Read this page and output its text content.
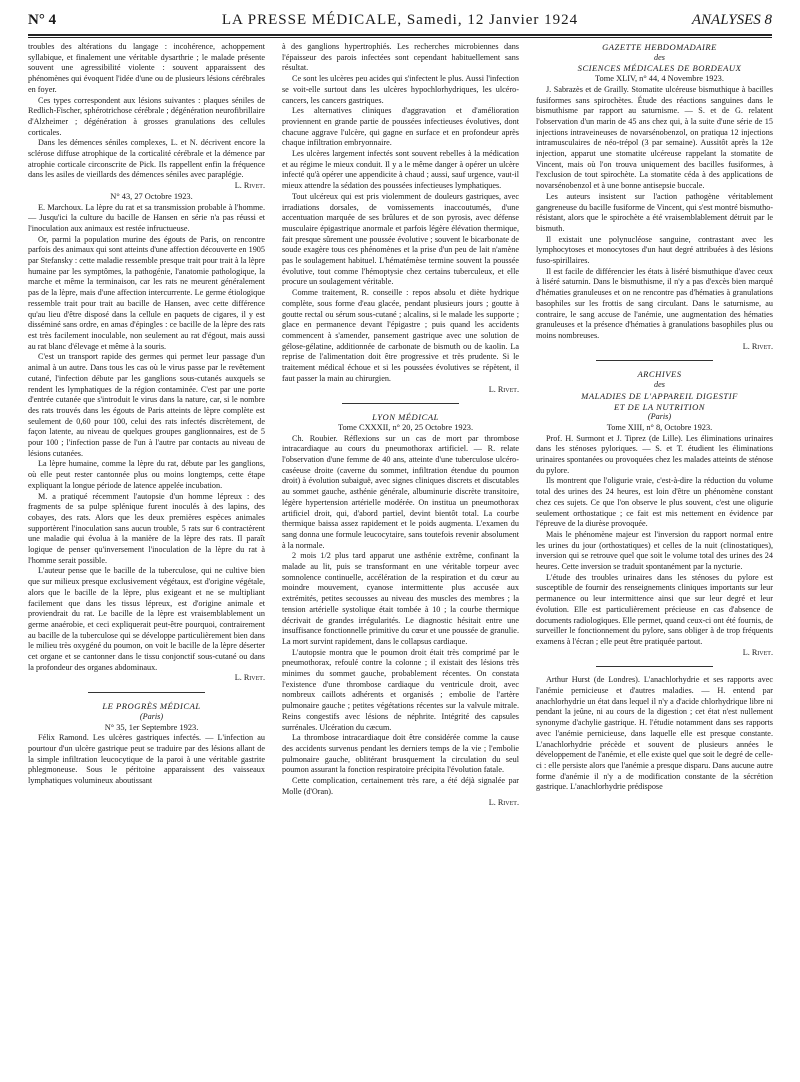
N° 4	LA PRESSE MÉDICALE, Samedi, 12 Janvier 1924	ANALYSES 8

troubles des altérations du langage : incohérence, achoppement syllabique, et finalement une véritable dysarthrie ; le malade présente souvent une agressibilité violente : souvent apparaissent des phénomènes qui évoquent l'idée d'une ou de plusieurs lésions cérébrales en foyer.

Ces types correspondent aux lésions suivantes : plaques séniles de Redlich-Fischer, sphérotrichose cérébrale ; dégénération neurofibrillaire d'Alzheimer ; dégénération à grosses granulations des cellules corticales.

Dans les démences séniles complexes, L. et N. décrivent encore la sclérose diffuse atrophique de la corticalité cérébrale et la démence par atrophie corticale circonscrite de Pick. Ils rappellent enfin la fréquence dans les asiles de vieillards des démences séniles avec paraplégie.

L. Rivet.

N° 43, 27 Octobre 1923.

E. Marchoux. La lèpre du rat et sa transmission probable à l'homme. — Jusqu'ici la culture du bacille de Hansen en série n'a pas réussi et l'inoculation aux animaux est restée infructueuse.

Or, parmi la population murine des égouts de Paris, on rencontre parfois des animaux qui sont atteints d'une affection découverte en 1905 par Stefansky : cette maladie ressemble presque trait pour trait à la lèpre humaine par les symptômes, la pathogénie, l'anatomie pathologique, la marche et même la terminaison, car les rats ne meurent généralement pas de la lèpre, mais d'une affection intercurrente. Le germe étiologique ressemble trait pour trait au bacille de Hansen, avec cette différence qu'au lieu d'être disposé dans la cellule en paquets de cigares, il y est disséminé sans ordre, en amas d'épingles : ce bacille de la lèpre des rats est très facilement inoculable, non seulement au rat d'égout, mais aussi au rat blanc d'élevage et même à la souris.

C'est un transport rapide des germes qui permet leur passage d'un animal à un autre. Dans tous les cas où le virus passe par le revêtement cutané, l'infection débute par les ganglions sous-cutanés auxquels se rendent les lymphatiques de la région contaminée. C'est par une porte d'entrée cutanée que s'introduit le virus dans la nature, car, si le nombre des rats trouvés dans les égouts de Paris atteints de lèpre complète est seulement de 0,60 pour 100, celui des rats infectés discrètement, de façon latente, au niveau de quelques groupes ganglionnaires, est de 5 pour 100 ; l'infection passe de l'un à l'autre par contacts au niveau de lésions cutanées.

La lèpre humaine, comme la lèpre du rat, débute par les ganglions, où elle peut rester cantonnée plus ou moins longtemps, cette étape expliquant la longue période de latence appelée incubation.

M. a pratiqué récemment l'autopsie d'un homme lépreux : des fragments de sa pulpe splénique furent inoculés à des lapins, des cobayes, des rats. Alors que les deux premières espèces animales supportèrent l'inoculation sans aucun trouble, 5 rats sur 6 contractèrent une maladie qui évolua à la manière de la lèpre des rats. Il paraît logique de penser qu'inversement l'inoculation de la lèpre du rat à l'homme serait possible.

L'auteur pense que le bacille de la tuberculose, qui ne cultive bien que sur milieux presque exclusivement végétaux, est d'origine végétale, alors que le bacille de la lèpre, plus exigeant et ne se multipliant facilement que dans les tissus lépreux, est d'origine animale et proviendrait du rat. Le bacille de la lèpre est vraisemblablement un germe anaérobie, et ceci expliquerait peut-être pourquoi, contrairement au bacille de la tuberculose qui se développe particulièrement bien dans le milieu très oxygéné du poumon, on voit le bacille de la lèpre déserter cet organe et se cantonner dans le tissu conjonctif sous-cutané ou dans la profondeur des organes abdominaux.

L. Rivet.

LE PROGRÈS MÉDICAL

(Paris)

N° 35, 1er Septembre 1923.

Félix Ramond. Les ulcères gastriques infectés. — L'infection au pourtour d'un ulcère gastrique peut se traduire par des lésions allant de la simple infiltration leucocytique de la paroi à une véritable gastrite phlegmoneuse. Sous le péritoine apparaissent des vaisseaux lymphatiques volumineux aboutissant

à des ganglions hypertrophiés. Les recherches microbiennes dans l'épaisseur des parois infectées sont cependant habituellement sans résultat.

Ce sont les ulcères peu acides qui s'infectent le plus. Aussi l'infection se voit-elle surtout dans les ulcères hypochlorhydriques, les ulcéro-cancers, les cancers gastriques.

Les alternatives cliniques d'aggravation et d'amélioration proviennent en grande partie de poussées infectieuses évolutives, dont chacune aggrave l'ulcère, qui gagne en surface et en profondeur après chaque infiltration embryonnaire.

Les ulcères largement infectés sont souvent rebelles à la médication et au régime le mieux conduit. Il y a le même danger à opérer un ulcère infecté qu'à opérer une appendicite à chaud ; aussi, sauf urgence, vaut-il mieux attendre la sédation des poussées infectieuses lymphatiques.

Tout ulcéreux qui est pris violemment de douleurs gastriques, avec irradiations dorsales, de vomissements inaccoutumés, d'une accentuation marquée de ses brûlures et de son pyrosis, avec défense musculaire épigastrique anormale et parfois légère élévation thermique, fait presque sûrement une poussée évolutive ; souvent le bicarbonate de soude exagère tous ces phénomènes et la prise d'un peu de lait n'amène pas le soulagement habituel. L'hématémèse termine souvent la poussée évolutive, tout comme l'hémoptysie chez certains tuberculeux, et elle procure un soulagement véritable.

Comme traitement, R. conseille : repos absolu et diète hydrique complète, sous forme d'eau glacée, pendant plusieurs jours ; goutte à goutte rectal ou sérum sous-cutané ; alcalins, si le malade les supporte ; glace en permanence devant l'épigastre ; puis quand les accidents commencent à s'amender, pansement gastrique avec une solution de gélose-gélatine, additionnée de carbonate de bismuth ou de kaolin. La reprise de l'alimentation doit être progressive et très prudente. Si le traitement médical échoue et si les poussées évolutives se répètent, il faut passer la main au chirurgien.

L. Rivet.

LYON MÉDICAL

Tome CXXXII, n° 20, 25 Octobre 1923.

Ch. Roubier. Réflexions sur un cas de mort par thrombose intracardiaque au cours du pneumothorax artificiel. — R. relate l'observation d'une femme de 40 ans, atteinte d'une tuberculose ulcéro-caséeuse droite (caverne du sommet, infiltration étendue du poumon droit) à évolution subaiguë, avec signes cliniques discrets et discutables au sommet gauche, asthénie générale, albuminurie discrète transitoire, légère hypertension artérielle modérée. On institua un pneumothorax artificiel droit, qui, d'abord partiel, devint bientôt total. La courbe thermique baissa assez rapidement et le poids augmenta. L'examen du sang donna une formule leucocytaire, sans toutefois revenir absolument à la normale.

2 mois 1/2 plus tard apparut une asthénie extrême, confinant la malade au lit, puis se transformant en une véritable torpeur avec somnolence continuelle, accélération de la respiration et du cœur au moindre mouvement, cyanose intermittente plus accusée aux extrémités, petites secousses au niveau des muscles des membres ; la tension artérielle systolique était tombée à 10 ; la courbe thermique décrivait de grandes irrégularités. Le diagnostic hésitait entre une insuffisance fonctionnelle primitive du cœur et une poussée de granulie. La mort survint rapidement, dans le collapsus cardiaque.

L'autopsie montra que le poumon droit était très comprimé par le pneumothorax, refoulé contre la colonne ; il existait des lésions très minimes du sommet gauche, probablement récentes. On constata l'existence d'une thrombose cardiaque du ventricule droit, avec nombreux caillots adhérents et organisés ; embolie de l'artère pulmonaire gauche ; petites végétations récentes sur la valvule mitrale. Reins congestifs avec lésions de néphrite. Intégrité des capsules surrénales. Ulcération du cæcum.

La thrombose intracardiaque doit être considérée comme la cause des accidents survenus pendant les derniers temps de la vie ; l'embolie pulmonaire gauche, oblitérant brusquement la circulation du seul poumon assurant la fonction respiratoire précipita l'évolution fatale.

Cette complication, certainement très rare, a été déjà signalée par Molle (d'Oran).

L. Rivet.

GAZETTE HEBDOMADAIRE

des

SCIENCES MÉDICALES DE BORDEAUX

Tome XLIV, n° 44, 4 Novembre 1923.

J. Sabrazès et de Grailly. Stomatite ulcéreuse bismuthique à bacilles fusiformes sans spirochètes. Étude des réactions sanguines dans le bismuthisme par rapport au saturnisme. — S. et de G. relatent l'observation d'un marin de 45 ans chez qui, à la suite d'une série de 15 injections intraveineuses de novarsénobenzol, on pratiqua 12 injections intramusculaires de néo-trépol (3 par semaine). Aussitôt après la 12e injection, apparut une stomatite ulcéreuse rappelant la stomatite de Vincent, mais où l'on trouva uniquement des bacilles fusiformes, à l'exclusion de tout spirochète. La stomatite céda à des applications de novarsénobenzol et à une bonne antisepsie buccale.

Les auteurs insistent sur l'action pathogène véritablement gangreneuse du bacille fusiforme de Vincent, qui s'est montré bismutho-résistant, alors que le spirochète a été vraisemblablement détruit par le bismuth.

Il existait une polynucléose sanguine, contrastant avec les lymphocytoses et monocytoses d'un haut degré attribuées à des lésions fuso-spirillaires.

Il est facile de différencier les états à liséré bismuthique d'avec ceux à liséré saturnin. Dans le bismuthisme, il n'y a pas d'excès bien marqué d'hématies granuleuses et on ne rencontre pas d'hématies à granulations basophiles sur les frottis de sang circulant. Dans le saturnisme, au contraire, le sang accuse de l'anémie, une augmentation des hématies granuleuses et la présence d'hématies à granulations basophiles plus ou moins nombreuses.

L. Rivet.

ARCHIVES

des

MALADIES DE L'APPAREIL DIGESTIF

ET DE LA NUTRITION

(Paris)

Tome XIII, n° 8, Octobre 1923.

Prof. H. Surmont et J. Tiprez (de Lille). Les éliminations urinaires dans les sténoses pyloriques. — S. et T. étudient les éliminations urinaires spontanées ou provoquées chez les malades atteints de sténose du pylore.

Ils montrent que l'oligurie vraie, c'est-à-dire la réduction du volume total des urines des 24 heures, est loin d'être un phénomène constant chez ces sujets. Ce que l'on observe le plus souvent, c'est une oligurie seulement orthostatique ; ce fait est mis nettement en évidence par l'épreuve de la diurèse provoquée.

Mais le phénomène majeur est l'inversion du rapport normal entre les urines du jour (orthostatiques) et celles de la nuit (clinostatiques), inversion qui se retrouve quel que soit le volume total des urines des 24 heures. Cette inversion se traduit spontanément par la nycturie.

L'étude des troubles urinaires dans les sténoses du pylore est susceptible de fournir des renseignements cliniques importants sur leur permanence ou leur intermittence ainsi que sur leur degré et leur évolution. Elle est particulièrement précieuse en cas d'absence de documents radiologiques. Elle permet, quand ceux-ci ont été fournis, de surveiller le fonctionnement du pylore, sans obliger à de trop fréquents examens à l'écran ; elle peut être pratiquée partout.

L. Rivet.

Arthur Hurst (de Londres). L'anachlorhydrie et ses rapports avec l'anémie pernicieuse et d'autres maladies. — H. entend par anachlorhydrie un état dans lequel il n'y a d'acide chlorhydrique libre ni pendant la jeûne, ni au cours de la digestion ; cet état n'est nullement synonyme d'achylie gastrique. H. l'étudie notamment dans ses rapports avec l'anémie pernicieuse, dans laquelle elle est presque constante. L'anachlorhydrie précède et souvent de plusieurs années le développement de l'anémie, et elle existe quel que soit le degré de celle-ci : elle persiste alors que l'anémie a presque disparu. Dans aucune autre forme d'anémie il n'y a de modification constante de la sécrétion gastrique. L'anachlorhydrie prédispose
